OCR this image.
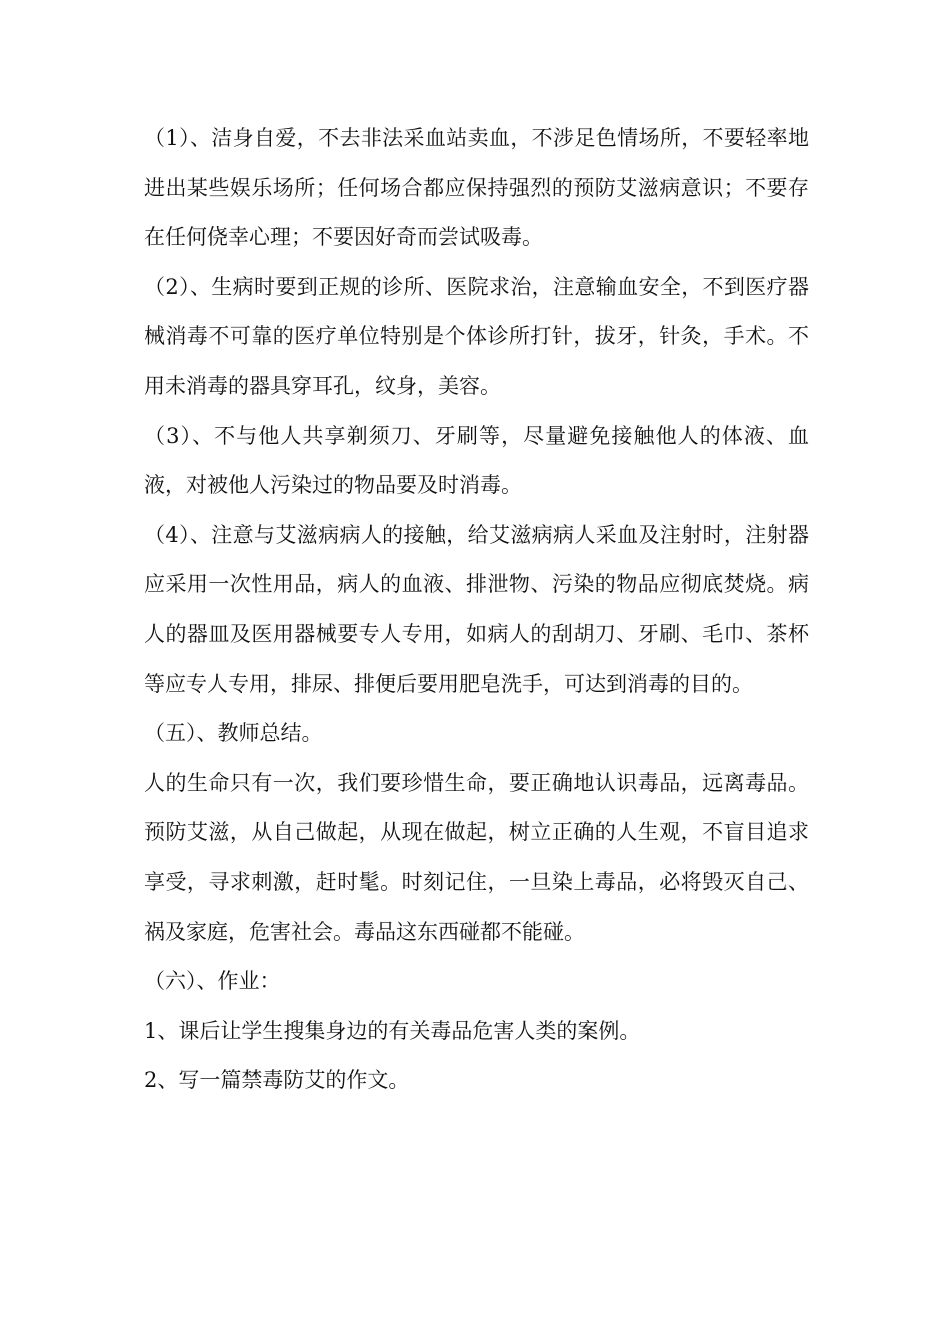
（1）、洁身自爱，不去非法采血站卖血，不涉足色情场所，不要轻率地进出某些娱乐场所；任何场合都应保持强烈的预防艾滋病意识；不要存在任何侥幸心理；不要因好奇而尝试吸毒。

（2）、生病时要到正规的诊所、医院求治，注意输血安全，不到医疗器械消毒不可靠的医疗单位特别是个体诊所打针，拔牙，针灸，手术。不用未消毒的器具穿耳孔，纹身，美容。

（3）、不与他人共享剃须刀、牙刷等，尽量避免接触他人的体液、血液，对被他人污染过的物品要及时消毒。

（4）、注意与艾滋病病人的接触，给艾滋病病人采血及注射时，注射器应采用一次性用品，病人的血液、排泄物、污染的物品应彻底焚烧。病人的器皿及医用器械要专人专用，如病人的刮胡刀、牙刷、毛巾、茶杯等应专人专用，排尿、排便后要用肥皂洗手，可达到消毒的目的。

（五）、教师总结。

人的生命只有一次，我们要珍惜生命，要正确地认识毒品，远离毒品。预防艾滋，从自己做起，从现在做起，树立正确的人生观，不盲目追求享受，寻求刺激，赶时髦。时刻记住，一旦染上毒品，必将毁灭自己、祸及家庭，危害社会。毒品这东西碰都不能碰。

（六）、作业：

1、课后让学生搜集身边的有关毒品危害人类的案例。

2、写一篇禁毒防艾的作文。
